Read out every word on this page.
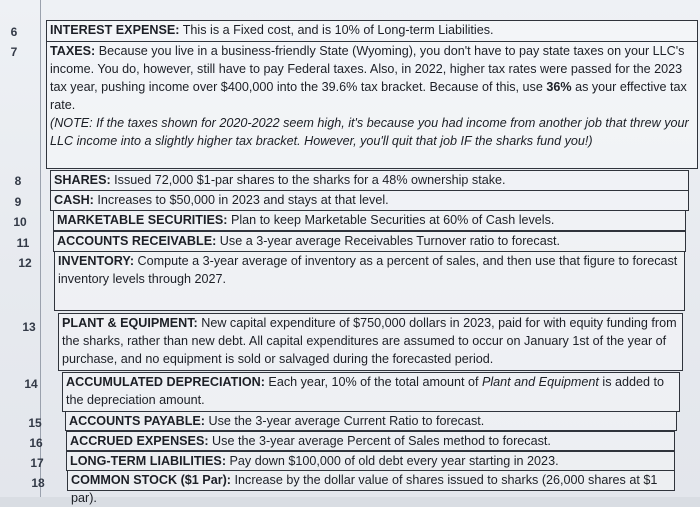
6	INTEREST EXPENSE: This is a Fixed cost, and is 10% of Long-term Liabilities.
7	TAXES: Because you live in a business-friendly State (Wyoming), you don't have to pay state taxes on your LLC's income. You do, however, still have to pay Federal taxes. Also, in 2022, higher tax rates were passed for the 2023 tax year, pushing income over $400,000 into the 39.6% tax bracket. Because of this, use 36% as your effective tax rate.
(NOTE: If the taxes shown for 2020-2022 seem high, it's because you had income from another job that threw your LLC income into a slightly higher tax bracket. However, you'll quit that job IF the sharks fund you!)
8	SHARES: Issued 72,000 $1-par shares to the sharks for a 48% ownership stake.
9	CASH: Increases to $50,000 in 2023 and stays at that level.
10	MARKETABLE SECURITIES: Plan to keep Marketable Securities at 60% of Cash levels.
11	ACCOUNTS RECEIVABLE: Use a 3-year average Receivables Turnover ratio to forecast.
12	INVENTORY: Compute a 3-year average of inventory as a percent of sales, and then use that figure to forecast inventory levels through 2027.
13	PLANT & EQUIPMENT: New capital expenditure of $750,000 dollars in 2023, paid for with equity funding from the sharks, rather than new debt. All capital expenditures are assumed to occur on January 1st of the year of purchase, and no equipment is sold or salvaged during the forecasted period.
14	ACCUMULATED DEPRECIATION: Each year, 10% of the total amount of Plant and Equipment is added to the depreciation amount.
15	ACCOUNTS PAYABLE: Use the 3-year average Current Ratio to forecast.
16	ACCRUED EXPENSES: Use the 3-year average Percent of Sales method to forecast.
17	LONG-TERM LIABILITIES: Pay down $100,000 of old debt every year starting in 2023.
18	COMMON STOCK ($1 Par): Increase by the dollar value of shares issued to sharks (26,000 shares at $1 par).
